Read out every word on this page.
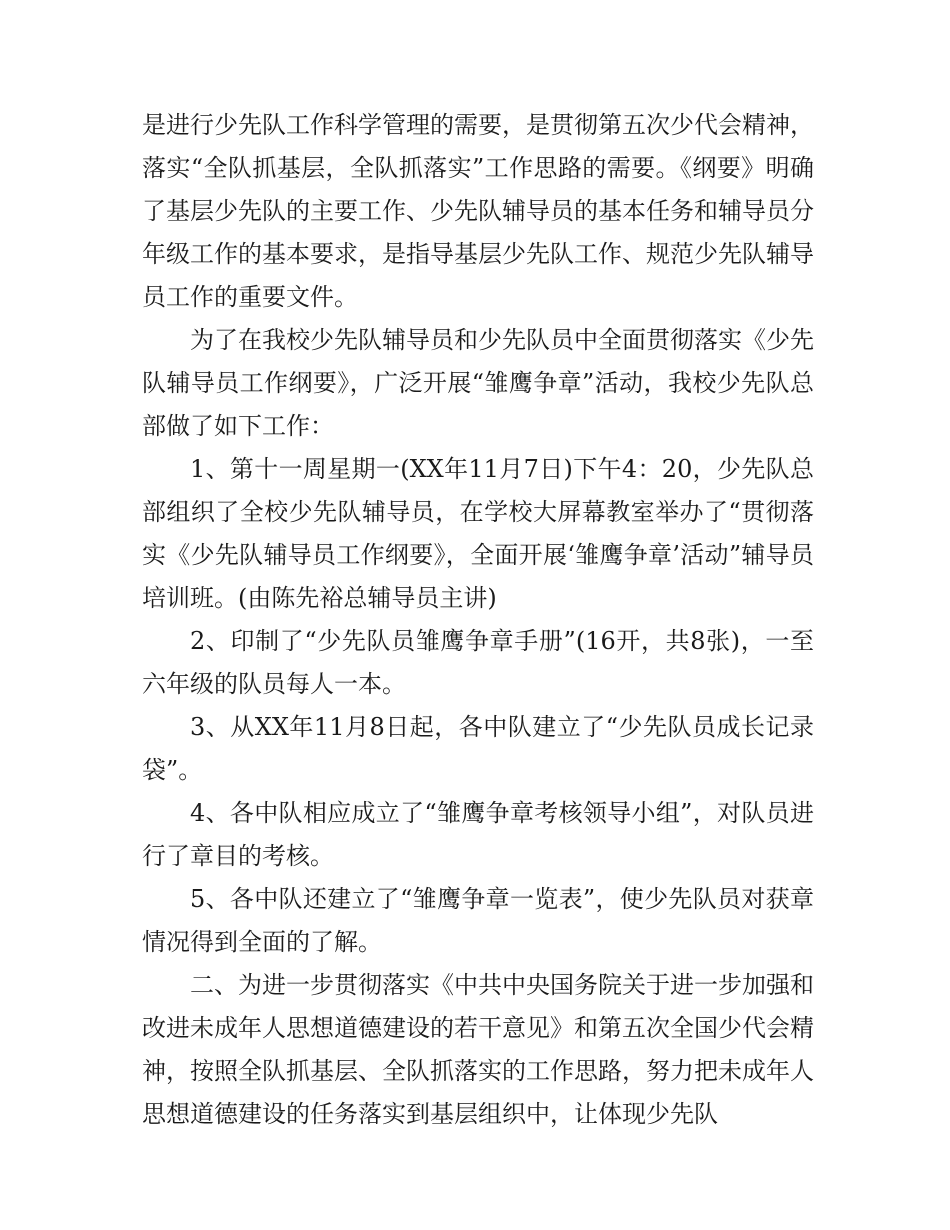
是进行少先队工作科学管理的需要，是贯彻第五次少代会精神，落实“全队抓基层，全队抓落实”工作思路的需要。《纲要》明确了基层少先队的主要工作、少先队辅导员的基本任务和辅导员分年级工作的基本要求，是指导基层少先队工作、规范少先队辅导员工作的重要文件。

为了在我校少先队辅导员和少先队员中全面贯彻落实《少先队辅导员工作纲要》，广泛开展“雏鹰争章”活动，我校少先队总部做了如下工作：

1、第十一周星期一(XX年11月7日)下午4：20，少先队总部组织了全校少先队辅导员，在学校大屏幕教室举办了“贯彻落实《少先队辅导员工作纲要》，全面开展‘雏鹰争章’活动”辅导员培训班。(由陈先裕总辅导员主讲)

2、印制了“少先队员雏鹰争章手册”(16开，共8张)，一至六年级的队员每人一本。

3、从XX年11月8日起，各中队建立了“少先队员成长记录袋”。

4、各中队相应成立了“雏鹰争章考核领导小组”，对队员进行了章目的考核。

5、各中队还建立了“雏鹰争章一览表”，使少先队员对获章情况得到全面的了解。

二、为进一步贯彻落实《中共中央国务院关于进一步加强和改进未成年人思想道德建设的若干意见》和第五次全国少代会精神，按照全队抓基层、全队抓落实的工作思路，努力把未成年人思想道德建设的任务落实到基层组织中，让体现少先队
